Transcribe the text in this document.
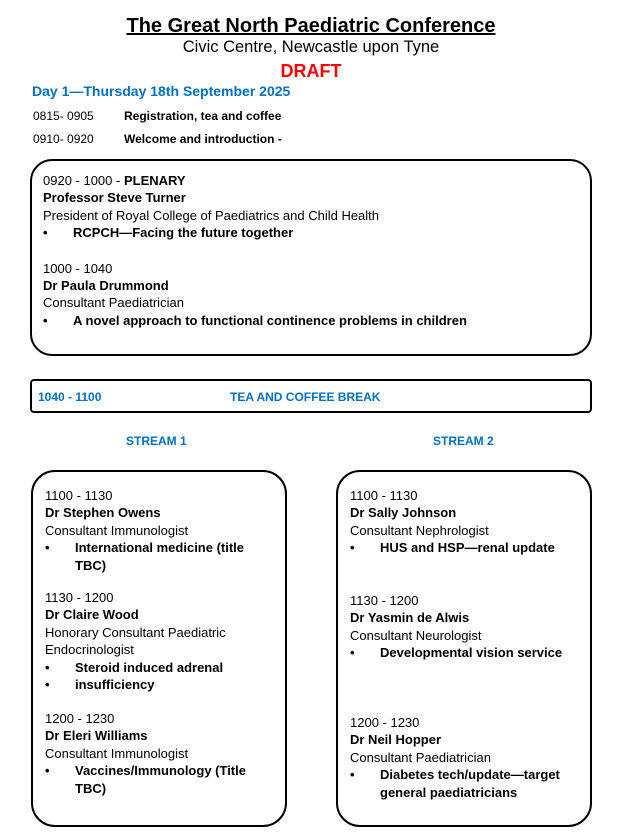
The Great North Paediatric Conference
Civic Centre, Newcastle upon Tyne
DRAFT
Day 1—Thursday 18th September 2025
0815- 0905	Registration, tea and coffee
0910- 0920	Welcome and introduction -
0920 - 1000 - PLENARY
Professor Steve Turner
President of Royal College of Paediatrics and Child Health
• RCPCH—Facing the future together
1000 - 1040
Dr Paula Drummond
Consultant Paediatrician
• A novel approach to functional continence problems in children
1040 - 1100	TEA AND COFFEE BREAK
STREAM 1	STREAM 2
1100 - 1130
Dr Stephen Owens
Consultant Immunologist
• International medicine (title TBC)
1130 - 1200
Dr Claire Wood
Honorary Consultant Paediatric Endocrinologist
• Steroid induced adrenal
• insufficiency
1200 - 1230
Dr Eleri Williams
Consultant Immunologist
• Vaccines/Immunology (Title TBC)
1100 - 1130
Dr Sally Johnson
Consultant Nephrologist
• HUS and HSP—renal update
1130 - 1200
Dr Yasmin de Alwis
Consultant Neurologist
• Developmental vision service
1200 - 1230
Dr Neil Hopper
Consultant Paediatrician
• Diabetes tech/update—target general paediatricians
